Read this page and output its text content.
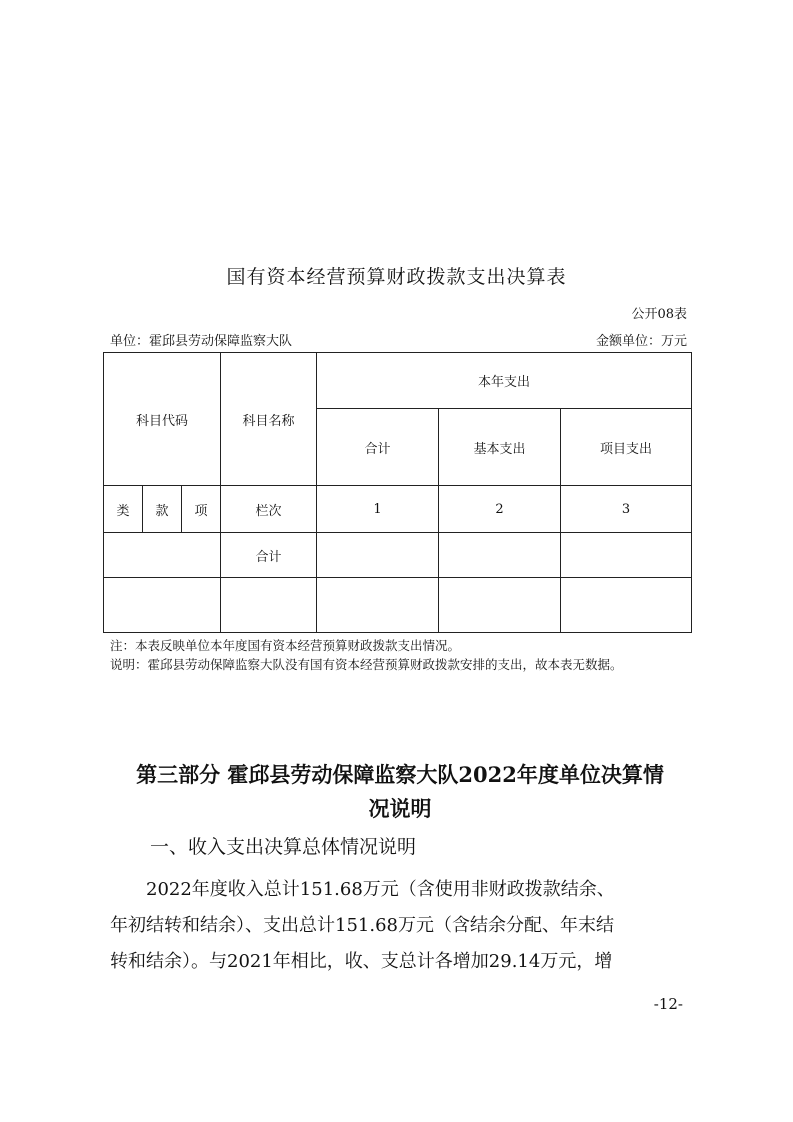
国有资本经营预算财政拨款支出决算表
公开08表
单位：霍邱县劳动保障监察大队	金额单位：万元
科目代码			科目名称	本年支出		
				合计	基本支出	项目支出
类	款	项	栏次	1	2	3
			合计			

注：本表反映单位本年度国有资本经营预算财政拨款支出情况。
说明：霍邱县劳动保障监察大队没有国有资本经营预算财政拨款安排的支出，故本表无数据。
第三部分 霍邱县劳动保障监察大队2022年度单位决算情
况说明
一、收入支出决算总体情况说明
2022年度收入总计151.68万元（含使用非财政拨款结余、
年初结转和结余）、支出总计151.68万元（含结余分配、年末结
转和结余）。与2021年相比，收、支总计各增加29.14万元，增
-12-
